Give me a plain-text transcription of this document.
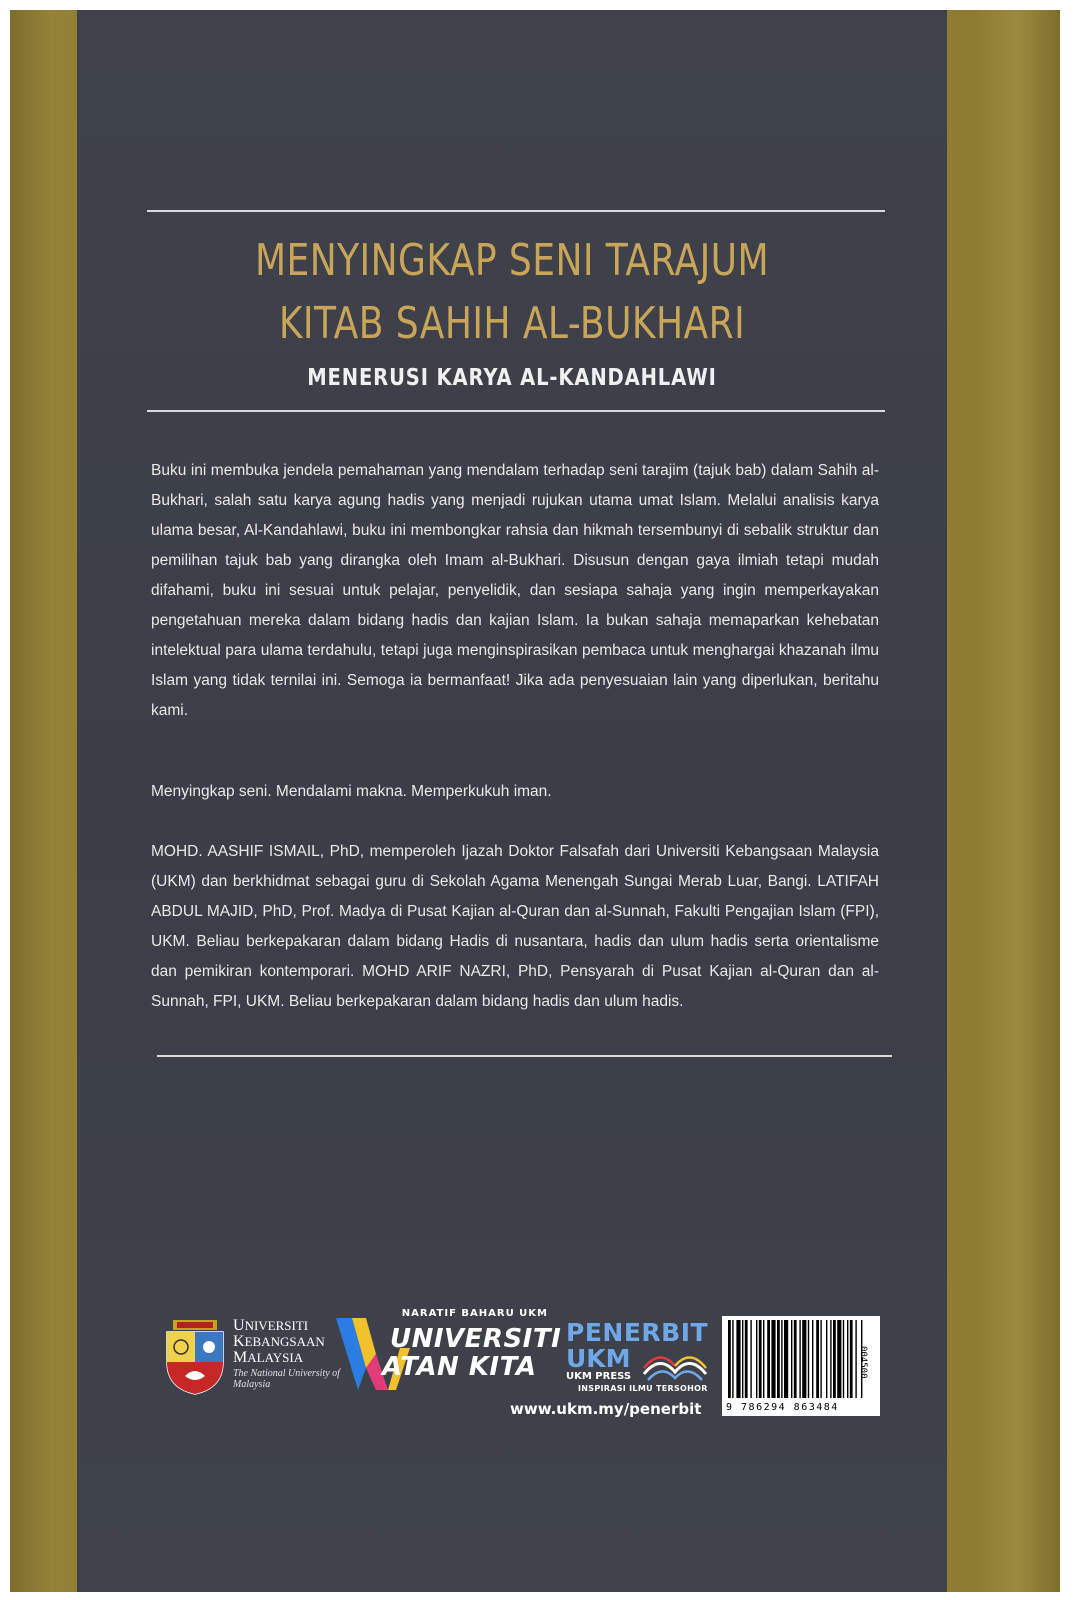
MENYINGKAP SENI TARAJUM
KITAB SAHIH AL-BUKHARI
MENERUSI KARYA AL-KANDAHLAWI
Buku ini membuka jendela pemahaman yang mendalam terhadap seni tarajim (tajuk bab) dalam Sahih al-Bukhari, salah satu karya agung hadis yang menjadi rujukan utama umat Islam. Melalui analisis karya ulama besar, Al-Kandahlawi, buku ini membongkar rahsia dan hikmah tersembunyi di sebalik struktur dan pemilihan tajuk bab yang dirangka oleh Imam al-Bukhari. Disusun dengan gaya ilmiah tetapi mudah difahami, buku ini sesuai untuk pelajar, penyelidik, dan sesiapa sahaja yang ingin memperkayakan pengetahuan mereka dalam bidang hadis dan kajian Islam. Ia bukan sahaja memaparkan kehebatan intelektual para ulama terdahulu, tetapi juga menginspirasikan pembaca untuk menghargai khazanah ilmu Islam yang tidak ternilai ini. Semoga ia bermanfaat! Jika ada penyesuaian lain yang diperlukan, beritahu kami.
Menyingkap seni. Mendalami makna. Memperkukuh iman.
MOHD. AASHIF ISMAIL, PhD, memperoleh Ijazah Doktor Falsafah dari Universiti Kebangsaan Malaysia (UKM) dan berkhidmat sebagai guru di Sekolah Agama Menengah Sungai Merab Luar, Bangi. LATIFAH ABDUL MAJID, PhD, Prof. Madya di Pusat Kajian al-Quran dan al-Sunnah, Fakulti Pengajian Islam (FPI), UKM. Beliau berkepakaran dalam bidang Hadis di nusantara, hadis dan ulum hadis serta orientalisme dan pemikiran kontemporari. MOHD ARIF NAZRI, PhD, Pensyarah di Pusat Kajian al-Quran dan al-Sunnah, FPI, UKM. Beliau berkepakaran dalam bidang hadis dan ulum hadis.
UNIVERSITI
KEBANGSAAN
MALAYSIA
The National University of Malaysia
NARATIF BAHARU UKM
UNIVERSITI
ATAN KITA
PENERBIT
UKM
UKM PRESS
INSPIRASI ILMU TERSOHOR
www.ukm.my/penerbit 9 786294 863484
004500
